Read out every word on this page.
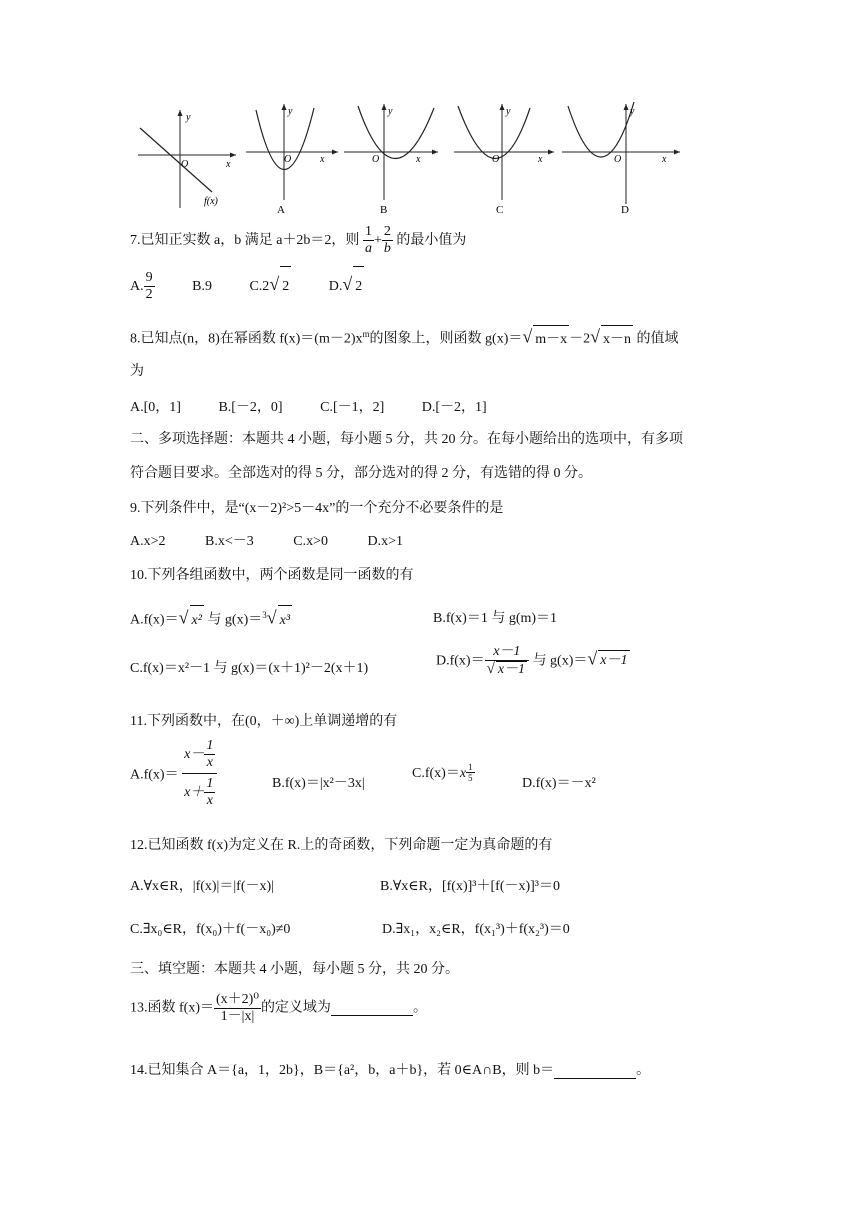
y
x
O
f(x)
y
x
O
A
y
x
O
B
y
x
O
C
y
x
O
D
7.已知正实数 a，b 满足 a＋2b＝2，则 $\frac{1}{a} + \frac{2}{b}$ 的最小值为
A. $\frac{9}{2}$	B.9	C.2√ 2	D.√ 2
8.已知点(n，8)在幂函数 $f(x)=(m-2)x^m$的图象上，则函数 g(x)＝√ m－x －2√ x－n 的值域
为
A.[0，1]	B.[－2，0]	C.[－1，2]	D.[－2，1]
二、多项选择题：本题共 4 小题，每小题 5 分，共 20 分。在每小题给出的选项中，有多项
符合题目要求。全部选对的得 5 分，部分选对的得 2 分，有选错的得 0 分。
9.下列条件中，是“(x－2)²>5－4x”的一个充分不必要条件的是
A.x>2	B.x<－3	C.x>0	D.x>1
10.下列各组函数中，两个函数是同一函数的有
A.f(x)＝√ x² 与 g(x)＝$^3$√ x³	B.f(x)＝1 与 g(m)＝1
C.f(x)＝x²－1 与 g(x)＝(x＋1)²－2(x＋1)
$D.f(x)= \frac{x-1}{√ x-1}$ 与 g(x)＝√ x－1
11.下列函数中，在(0，＋∞)上单调递增的有
$A.f(x)= \frac{x- \frac{1}{x}}{x+ \frac{1}{x}}$	B.f(x)＝|x²－3x|
$C.f(x)=x \frac{1}{5}$	D.f(x)＝－x²
12.已知函数 f(x)为定义在 R.上的奇函数，下列命题一定为真命题的有
A.∀x∈R，|f(x)|＝|f(－x)|	B.∀x∈R，[f(x)]³＋[f(－x)]³＝0
C.∃x₀∈R，f(x₀)＋f(－x₀)≠0	D.∃x₁，x₂∈R，f(x₁³)＋f(x₂³)＝0
三、填空题：本题共 4 小题，每小题 5 分，共 20 分。
13.函数 $f(x)= \frac{\text{(x＋2)⁰}}{1-|x|}$ 的定义域为	。
14.已知集合 A＝{a，1，2b}，B＝{a²，b，a＋b}，若 0∈A∩B，则 b＝	。
